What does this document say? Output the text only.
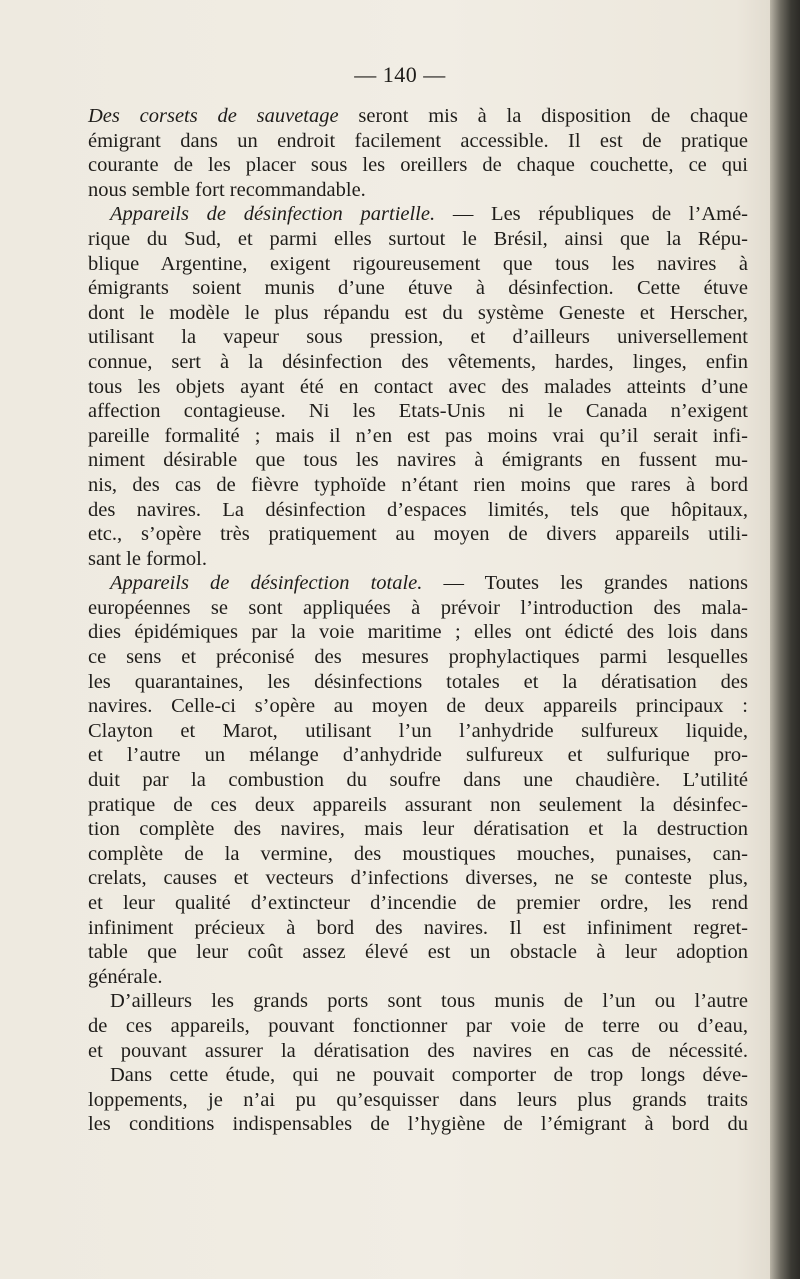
— 140 —
Des corsets de sauvetage seront mis à la disposition de chaque
émigrant dans un endroit facilement accessible. Il est de pratique
courante de les placer sous les oreillers de chaque couchette, ce qui
nous semble fort recommandable.
Appareils de désinfection partielle. — Les républiques de l’Amé-
rique du Sud, et parmi elles surtout le Brésil, ainsi que la Répu-
blique Argentine, exigent rigoureusement que tous les navires à
émigrants soient munis d’une étuve à désinfection. Cette étuve
dont le modèle le plus répandu est du système Geneste et Herscher,
utilisant la vapeur sous pression, et d’ailleurs universellement
connue, sert à la désinfection des vêtements, hardes, linges, enfin
tous les objets ayant été en contact avec des malades atteints d’une
affection contagieuse. Ni les Etats-Unis ni le Canada n’exigent
pareille formalité ; mais il n’en est pas moins vrai qu’il serait infi-
niment désirable que tous les navires à émigrants en fussent mu-
nis, des cas de fièvre typhoïde n’étant rien moins que rares à bord
des navires. La désinfection d’espaces limités, tels que hôpitaux,
etc., s’opère très pratiquement au moyen de divers appareils utili-
sant le formol.
Appareils de désinfection totale. — Toutes les grandes nations
européennes se sont appliquées à prévoir l’introduction des mala-
dies épidémiques par la voie maritime ; elles ont édicté des lois dans
ce sens et préconisé des mesures prophylactiques parmi lesquelles
les quarantaines, les désinfections totales et la dératisation des
navires. Celle-ci s’opère au moyen de deux appareils principaux :
Clayton et Marot, utilisant l’un l’anhydride sulfureux liquide,
et l’autre un mélange d’anhydride sulfureux et sulfurique pro-
duit par la combustion du soufre dans une chaudière. L’utilité
pratique de ces deux appareils assurant non seulement la désinfec-
tion complète des navires, mais leur dératisation et la destruction
complète de la vermine, des moustiques mouches, punaises, can-
crelats, causes et vecteurs d’infections diverses, ne se conteste plus,
et leur qualité d’extincteur d’incendie de premier ordre, les rend
infiniment précieux à bord des navires. Il est infiniment regret-
table que leur coût assez élevé est un obstacle à leur adoption
générale.
D’ailleurs les grands ports sont tous munis de l’un ou l’autre
de ces appareils, pouvant fonctionner par voie de terre ou d’eau,
et pouvant assurer la dératisation des navires en cas de nécessité.
Dans cette étude, qui ne pouvait comporter de trop longs déve-
loppements, je n’ai pu qu’esquisser dans leurs plus grands traits
les conditions indispensables de l’hygiène de l’émigrant à bord du
